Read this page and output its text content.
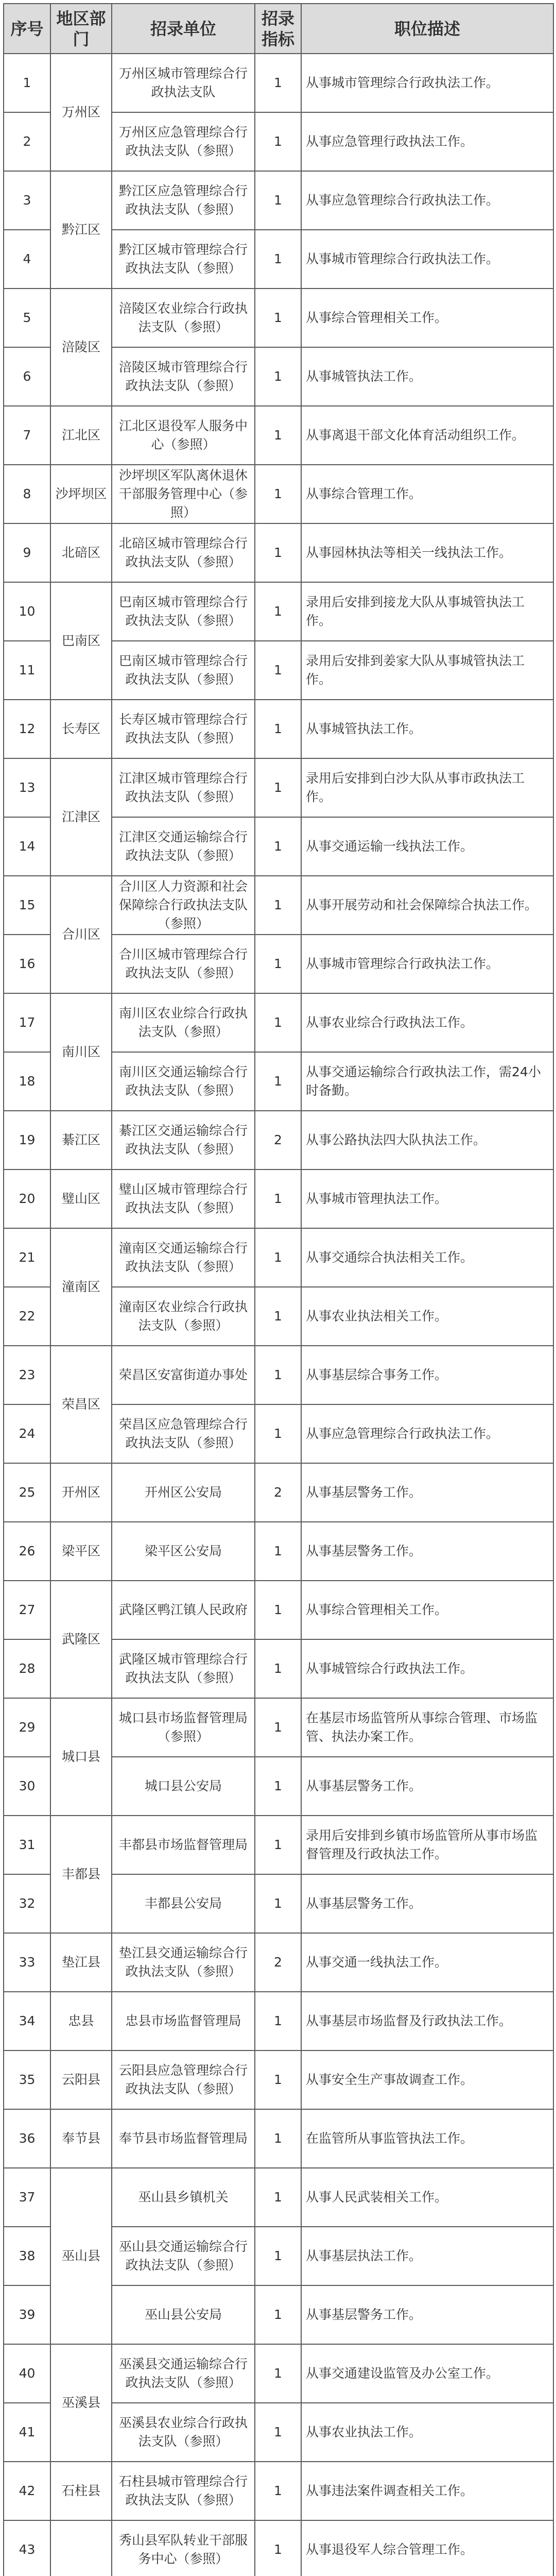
序号	地区部门	招录单位	招录指标	职位描述
1	万州区	万州区城市管理综合行政执法支队	1	从事城市管理综合行政执法工作。
2		万州区应急管理综合行政执法支队（参照）	1	从事应急管理行政执法工作。
3	黔江区	黔江区应急管理综合行政执法支队（参照）	1	从事应急管理综合行政执法工作。
4		黔江区城市管理综合行政执法支队（参照）	1	从事城市管理综合行政执法工作。
5	涪陵区	涪陵区农业综合行政执法支队（参照）	1	从事综合管理相关工作。
6		涪陵区城市管理综合行政执法支队（参照）	1	从事城管执法工作。
7	江北区	江北区退役军人服务中心（参照）	1	从事离退干部文化体育活动组织工作。
8	沙坪坝区	沙坪坝区军队离休退休干部服务管理中心（参照）	1	从事综合管理工作。
9	北碚区	北碚区城市管理综合行政执法支队（参照）	1	从事园林执法等相关一线执法工作。
10	巴南区	巴南区城市管理综合行政执法支队（参照）	1	录用后安排到接龙大队从事城管执法工作。
11		巴南区城市管理综合行政执法支队（参照）	1	录用后安排到姜家大队从事城管执法工作。
12	长寿区	长寿区城市管理综合行政执法支队（参照）	1	从事城管执法工作。
13	江津区	江津区城市管理综合行政执法支队（参照）	1	录用后安排到白沙大队从事市政执法工作。
14		江津区交通运输综合行政执法支队（参照）	1	从事交通运输一线执法工作。
15	合川区	合川区人力资源和社会保障综合行政执法支队（参照）	1	从事开展劳动和社会保障综合执法工作。
16		合川区城市管理综合行政执法支队（参照）	1	从事城市管理综合行政执法工作。
17	南川区	南川区农业综合行政执法支队（参照）	1	从事农业综合行政执法工作。
18		南川区交通运输综合行政执法支队（参照）	1	从事交通运输综合行政执法工作，需24小时备勤。
19	綦江区	綦江区交通运输综合行政执法支队（参照）	2	从事公路执法四大队执法工作。
20	璧山区	璧山区城市管理综合行政执法支队（参照）	1	从事城市管理执法工作。
21	潼南区	潼南区交通运输综合行政执法支队（参照）	1	从事交通综合执法相关工作。
22		潼南区农业综合行政执法支队（参照）	1	从事农业执法相关工作。
23	荣昌区	荣昌区安富街道办事处	1	从事基层综合事务工作。
24		荣昌区应急管理综合行政执法支队（参照）	1	从事应急管理综合行政执法工作。
25	开州区	开州区公安局	2	从事基层警务工作。
26	梁平区	梁平区公安局	1	从事基层警务工作。
27	武隆区	武隆区鸭江镇人民政府	1	从事综合管理相关工作。
28		武隆区城市管理综合行政执法支队（参照）	1	从事城管综合行政执法工作。
29	城口县	城口县市场监督管理局（参照）	1	在基层市场监管所从事综合管理、市场监管、执法办案工作。
30		城口县公安局	1	从事基层警务工作。
31	丰都县	丰都县市场监督管理局	1	录用后安排到乡镇市场监管所从事市场监督管理及行政执法工作。
32		丰都县公安局	1	从事基层警务工作。
33	垫江县	垫江县交通运输综合行政执法支队（参照）	2	从事交通一线执法工作。
34	忠县	忠县市场监督管理局	1	从事基层市场监督及行政执法工作。
35	云阳县	云阳县应急管理综合行政执法支队（参照）	1	从事安全生产事故调查工作。
36	奉节县	奉节县市场监督管理局	1	在监管所从事监管执法工作。
37	巫山县	巫山县乡镇机关	1	从事人民武装相关工作。
38		巫山县交通运输综合行政执法支队（参照）	1	从事基层执法工作。
39		巫山县公安局	1	从事基层警务工作。
40	巫溪县	巫溪县交通运输综合行政执法支队（参照）	1	从事交通建设监管及办公室工作。
41		巫溪县农业综合行政执法支队（参照）	1	从事农业执法工作。
42	石柱县	石柱县城市管理综合行政执法支队（参照）	1	从事违法案件调查相关工作。
43		秀山县军队转业干部服务中心（参照）	1	从事退役军人综合管理工作。
